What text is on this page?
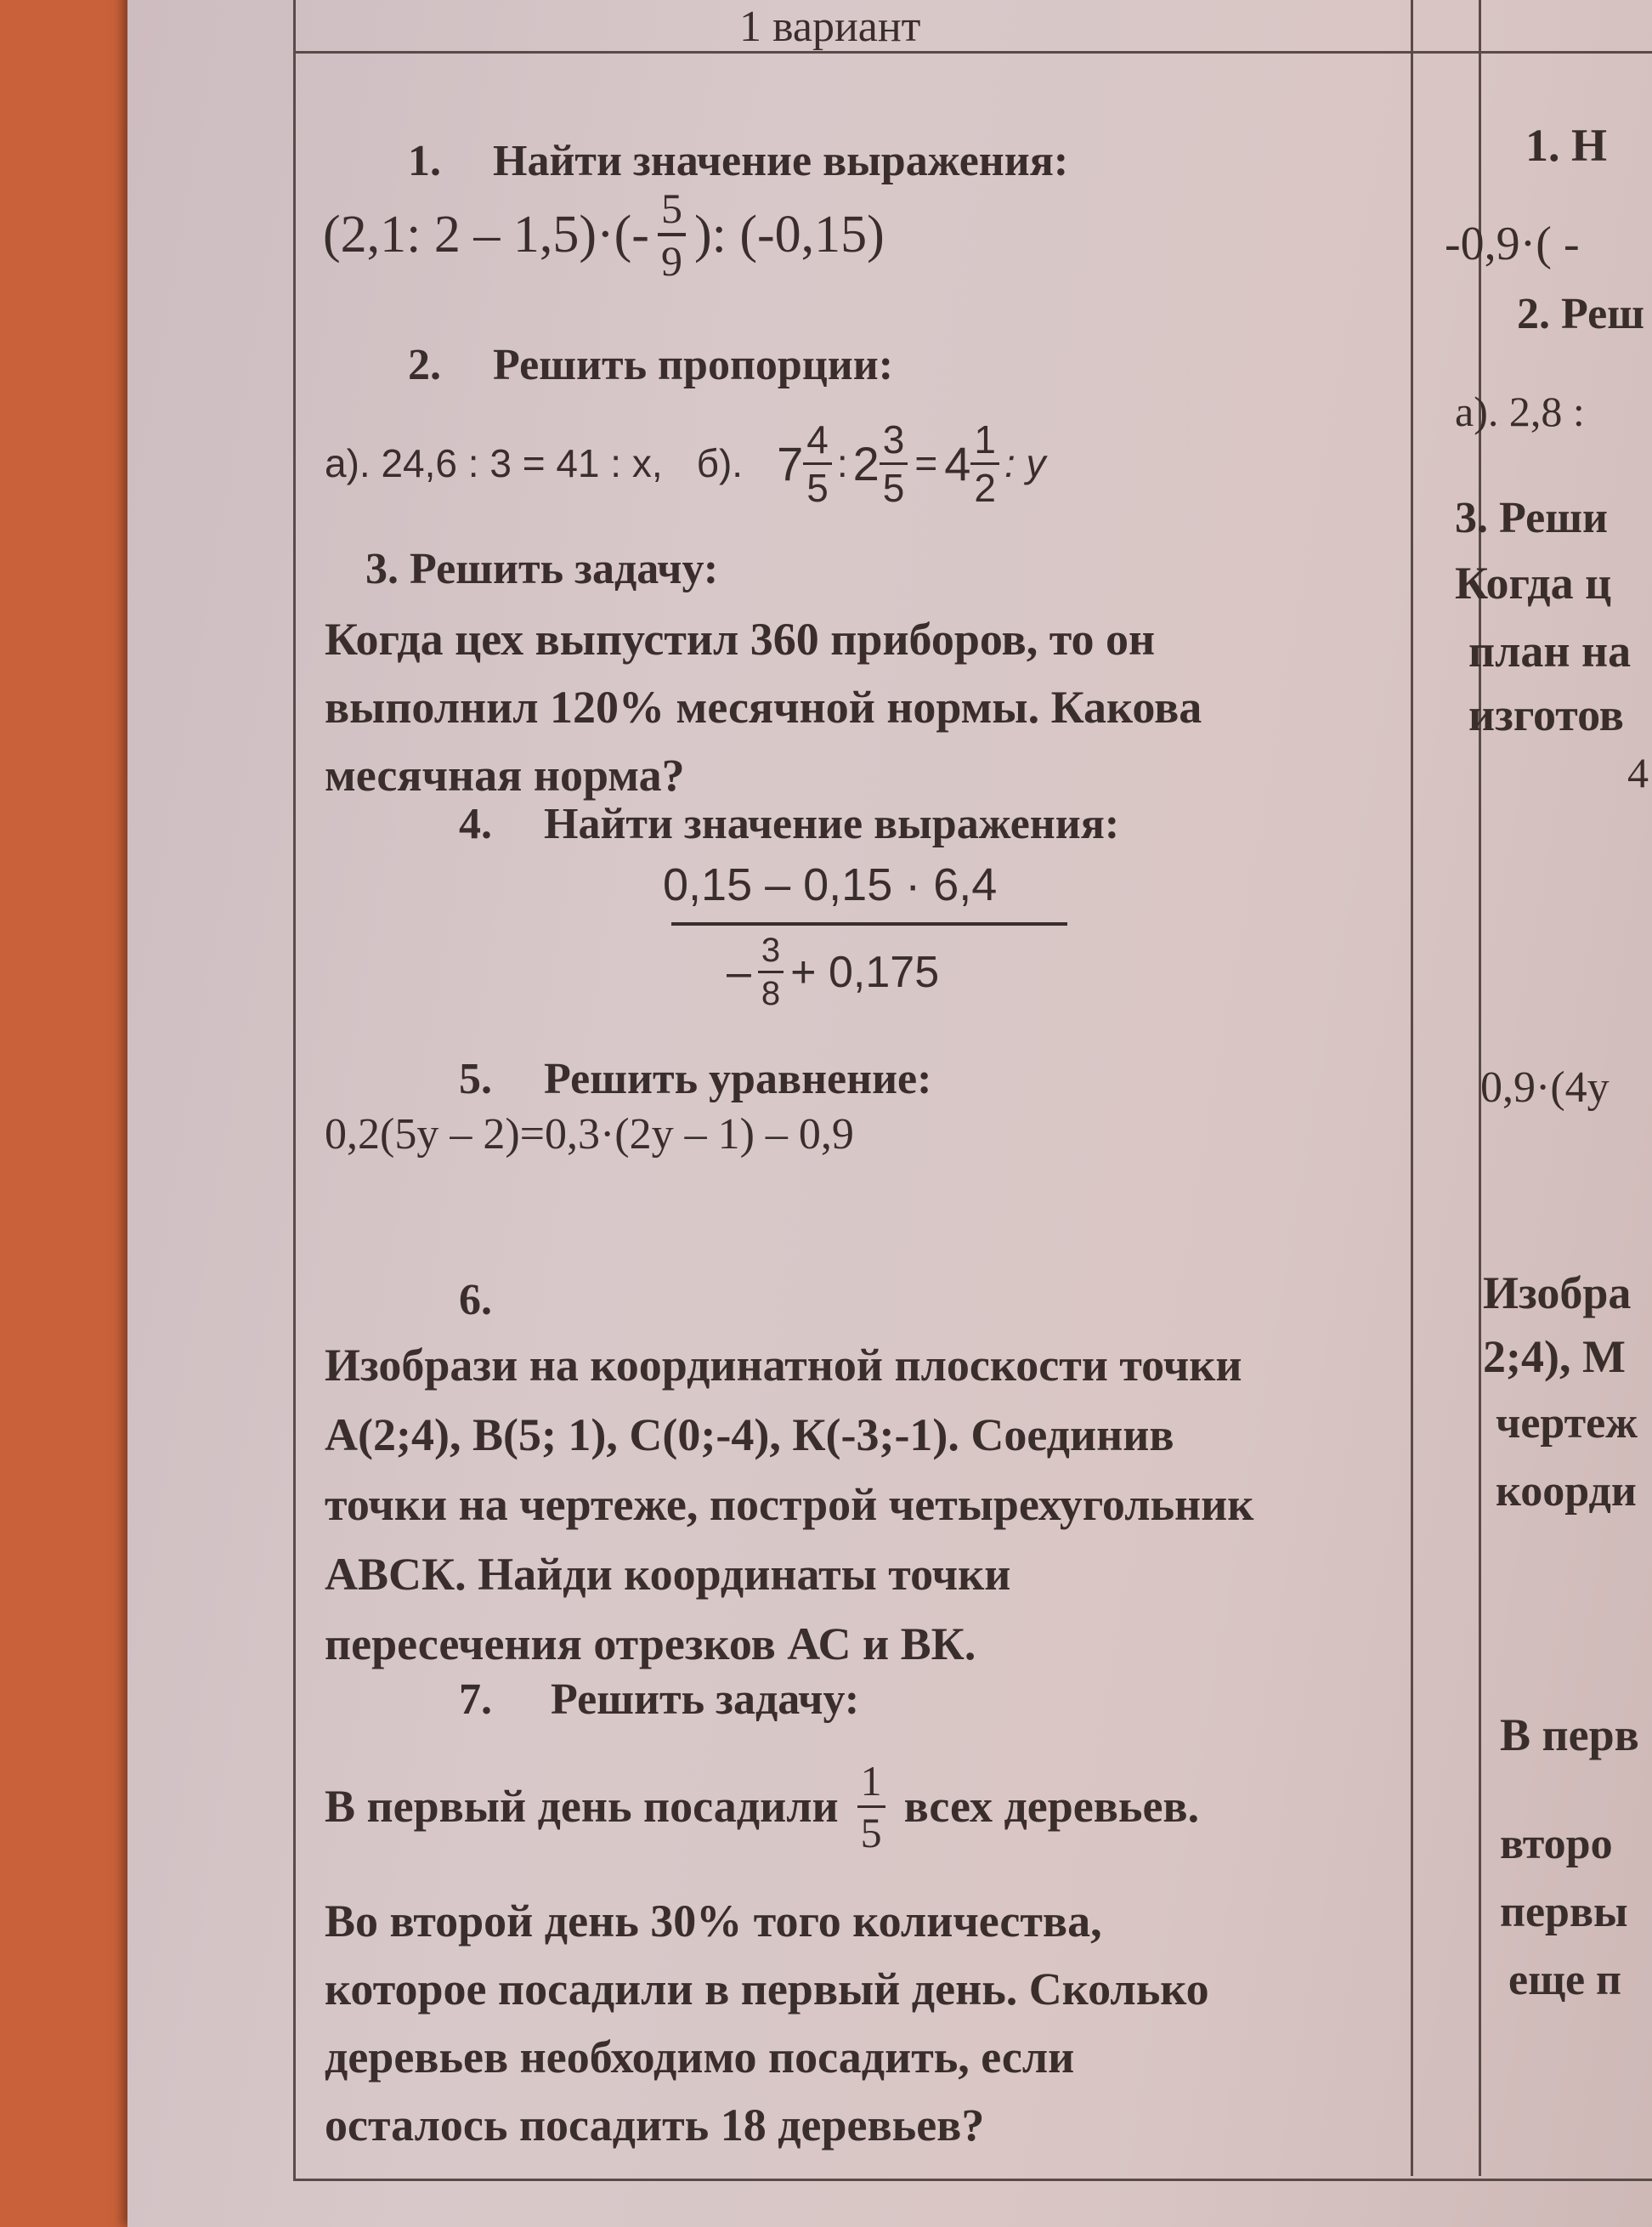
1 вариант
1. Найти значение выражения:
(2,1: $2 - 1,5)\cdot(- \frac{5}{9}$ ): (-0,15)
2. Решить пропорции:
а). 24,6 : 3 = 41 : х, б). $7 \frac{4}{5}$ : $2 \frac{3}{5} = 4 \frac{1}{2}$ : y
3. Решить задачу:
Когда цех выпустил 360 приборов, то он
выполнил 120% месячной нормы. Какова
месячная норма?
4. Найти значение выражения:
0,15 – 0,15 · 6,4
– $\frac{3}{8} + 0,175$
5. Решить уравнение:
0,2(5у – 2)=0,3·(2у – 1) – 0,9
6.
Изобрази на координатной плоскости точки
А(2;4), В(5; 1), С(0;-4), К(-3;-1). Соединив
точки на чертеже, построй четырехугольник
АВСК. Найди координаты точки
пересечения отрезков АС и ВК.
7. Решить задачу:
В первый день посадили $\frac{1}{5}$ всех деревьев.
Во второй день 30% того количества,
которое посадили в первый день. Сколько
деревьев необходимо посадить, если
осталось посадить 18 деревьев?
1. Н
-0,9·( -
2. Реш
а). 2,8 :
3. Реши
Когда ц
план на
изготов
4
0,9·(4у
Изобра
2;4), М
чертеж
коорди
В перв
второ
первы
еще п
